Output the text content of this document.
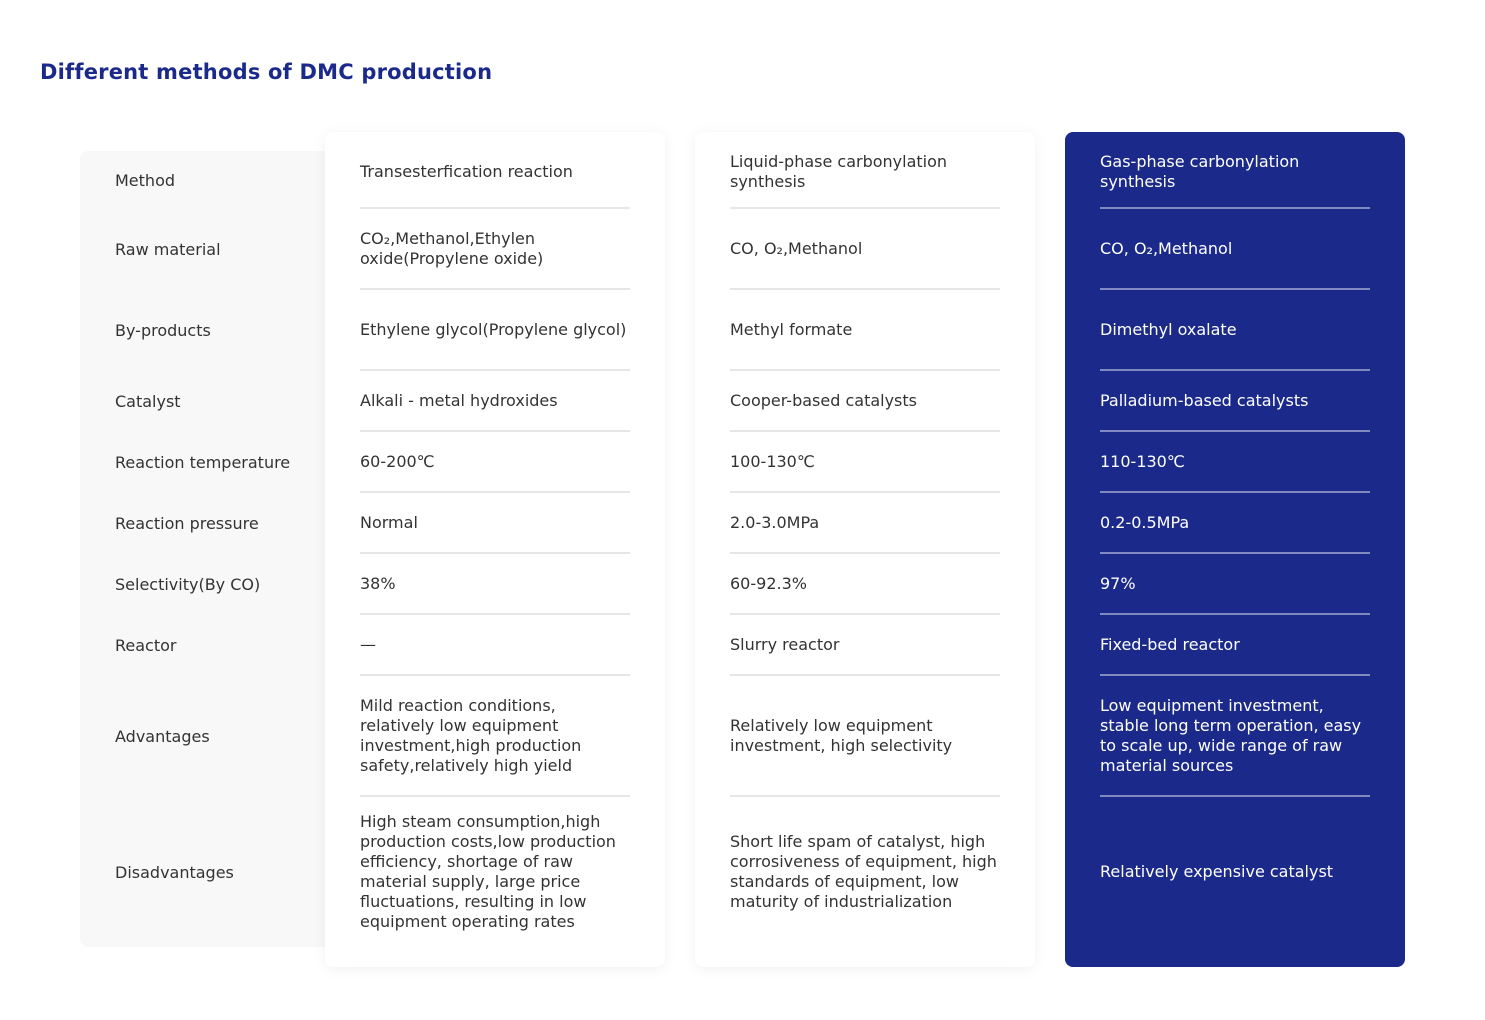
Different methods of DMC production
Transesterfication reaction
CO₂,Methanol,Ethylen oxide(Propylene oxide)
Ethylene glycol(Propylene glycol)
Alkali - metal hydroxides
60-200℃
Normal
38%
—
Mild reaction conditions, relatively low equipment investment,high production safety,relatively high yield
High steam consumption,high production costs,low production efficiency, shortage of raw material supply, large price fluctuations, resulting in low equipment operating rates
Liquid-phase carbonylation synthesis
CO, O₂,Methanol
Methyl formate
Cooper-based catalysts
100-130℃
2.0-3.0MPa
60-92.3%
Slurry reactor
Relatively low equipment investment, high selectivity
Short life spam of catalyst, high corrosiveness of equipment, high standards of equipment, low maturity of industrialization
Gas-phase carbonylation synthesis
CO, O₂,Methanol
Dimethyl oxalate
Palladium-based catalysts
110-130℃
0.2-0.5MPa
97%
Fixed-bed reactor
Low equipment investment, stable long term operation, easy to scale up, wide range of raw material sources
Relatively expensive catalyst
Method
Raw material
By-products
Catalyst
Reaction temperature
Reaction pressure
Selectivity(By CO)
Reactor
Advantages
Disadvantages
